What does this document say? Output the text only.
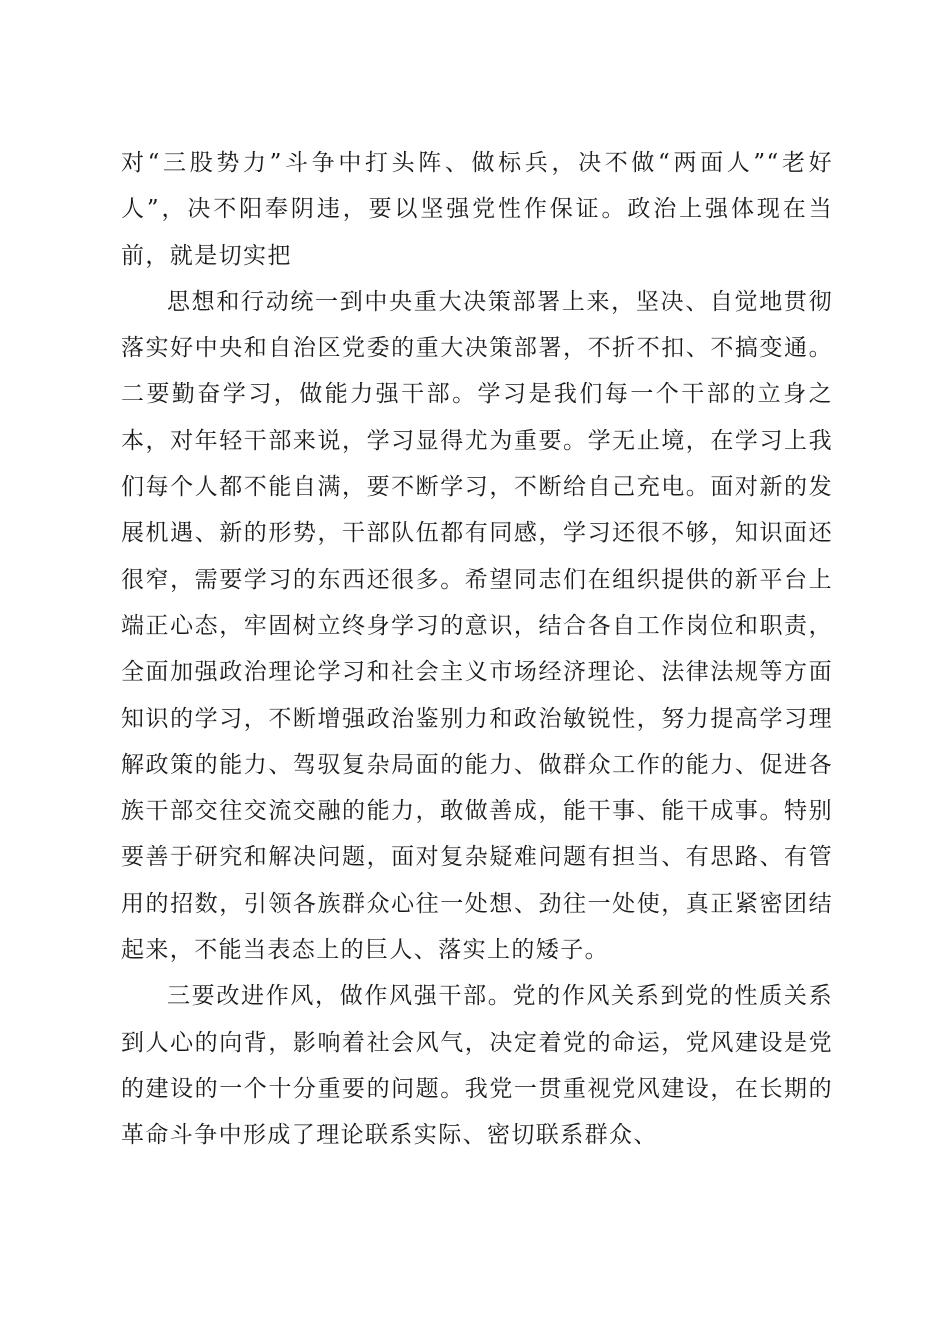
对“三股势力”斗争中打头阵、做标兵，决不做“两面人”“老好人”，决不阳奉阴违，要以坚强党性作保证。政治上强体现在当前，就是切实把

思想和行动统一到中央重大决策部署上来，坚决、自觉地贯彻落实好中央和自治区党委的重大决策部署，不折不扣、不搞变通。二要勤奋学习，做能力强干部。学习是我们每一个干部的立身之本，对年轻干部来说，学习显得尤为重要。学无止境，在学习上我们每个人都不能自满，要不断学习，不断给自己充电。面对新的发展机遇、新的形势，干部队伍都有同感，学习还很不够，知识面还很窄，需要学习的东西还很多。希望同志们在组织提供的新平台上端正心态，牢固树立终身学习的意识，结合各自工作岗位和职责，全面加强政治理论学习和社会主义市场经济理论、法律法规等方面知识的学习，不断增强政治鉴别力和政治敏锐性，努力提高学习理解政策的能力、驾驭复杂局面的能力、做群众工作的能力、促进各族干部交往交流交融的能力，敢做善成，能干事、能干成事。特别要善于研究和解决问题，面对复杂疑难问题有担当、有思路、有管用的招数，引领各族群众心往一处想、劲往一处使，真正紧密团结起来，不能当表态上的巨人、落实上的矮子。

三要改进作风，做作风强干部。党的作风关系到党的性质关系到人心的向背，影响着社会风气，决定着党的命运，党风建设是党的建设的一个十分重要的问题。我党一贯重视党风建设，在长期的革命斗争中形成了理论联系实际、密切联系群众、
